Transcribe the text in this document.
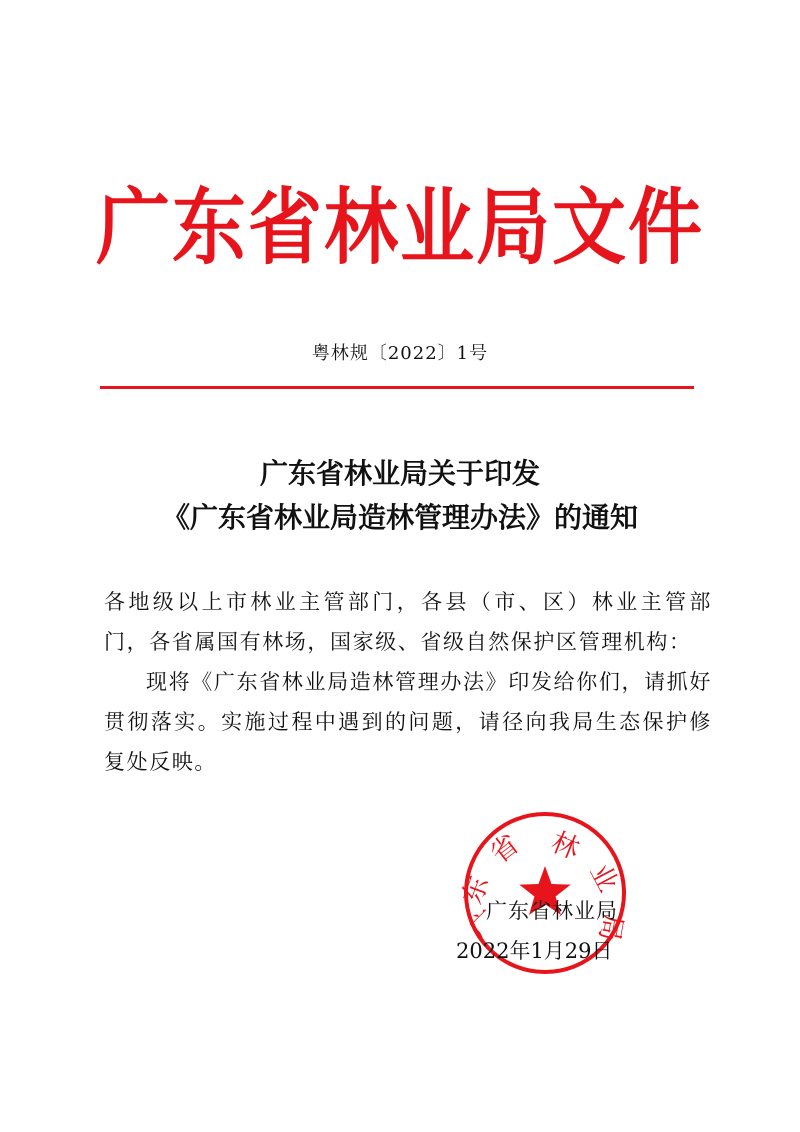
广东省林业局文件
粤林规〔2022〕1号
广东省林业局关于印发
《广东省林业局造林管理办法》的通知

各地级以上市林业主管部门，各县（市、区）林业主管部门，各省属国有林场，国家级、省级自然保护区管理机构：

现将《广东省林业局造林管理办法》印发给你们，请抓好贯彻落实。实施过程中遇到的问题，请径向我局生态保护修复处反映。

广
东
省 林
业
局
广东省林业局
2022年1月29日
